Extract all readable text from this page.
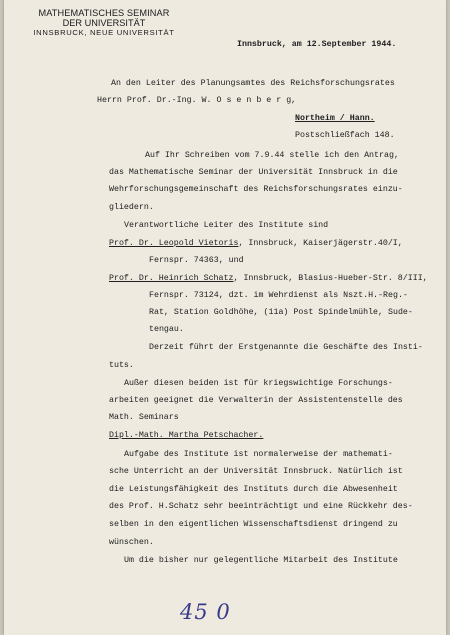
MATHEMATISCHES SEMINAR
DER UNIVERSITÄT
INNSBRUCK, NEUE UNIVERSITÄT
Innsbruck, am 12.September 1944.
An den Leiter des Planungsamtes des Reichsforschungsrates
Herrn Prof. Dr.-Ing. W. O s e n b e r g,
Northeim / Hann.
Postschließfach 148.
Auf Ihr Schreiben vom 7.9.44 stelle ich den Antrag,
das Mathematische Seminar der Universität Innsbruck in die
Wehrforschungsgemeinschaft des Reichsforschungsrates einzu-
gliedern.
Verantwortliche Leiter des Institute sind
Prof. Dr. Leopold Vietoris, Innsbruck, Kaiserjägerstr.40/I,
Fernspr. 74363, und
Prof. Dr. Heinrich Schatz, Innsbruck, Blasius-Hueber-Str. 8/III,
Fernspr. 73124, dzt. im Wehrdienst als Nszt.H.-Reg.-
Rat, Station Goldhöhe, (11a) Post Spindelmühle, Sude-
tengau.
Derzeit führt der Erstgenannte die Geschäfte des Insti-
tuts.
Außer diesen beiden ist für kriegswichtige Forschungs-
arbeiten geeignet die Verwalterin der Assistentenstelle des
Math. Seminars
Dipl.-Math. Martha Petschacher.
Aufgabe des Institute ist normalerweise der mathemati-
sche Unterricht an der Universität Innsbruck. Natürlich ist
die Leistungsfähigkeit des Instituts durch die Abwesenheit
des Prof. H.Schatz sehr beeinträchtigt und eine Rückkehr des-
selben in den eigentlichen Wissenschaftsdienst dringend zu
wünschen.
Um die bisher nur gelegentliche Mitarbeit des Institute
45 0
